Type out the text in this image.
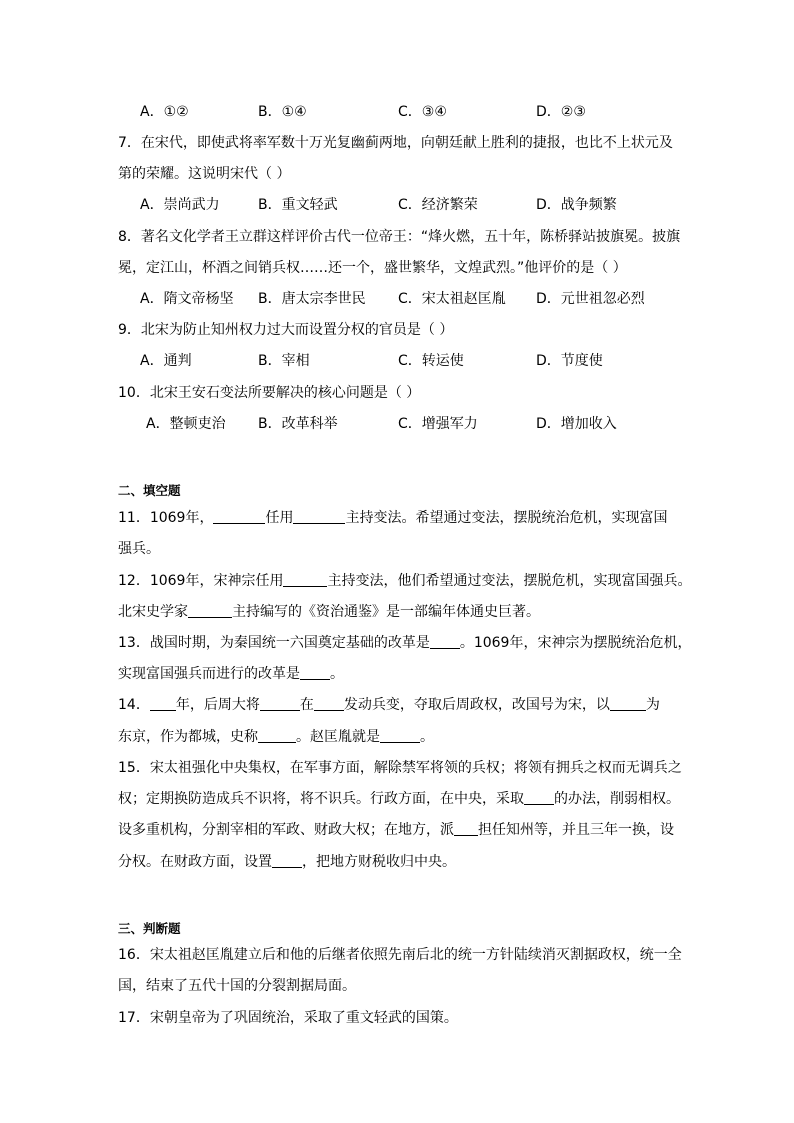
A．①②	B．①④	C．③④	D．②③
7．在宋代，即使武将率军数十万光复幽蓟两地，向朝廷献上胜利的捷报，也比不上状元及
第的荣耀。这说明宋代（ ）
A．崇尚武力	B．重文轻武	C．经济繁荣	D．战争频繁
8．著名文化学者王立群这样评价古代一位帝王：“烽火燃，五十年，陈桥驿站披旗冕。披旗
冕，定江山，杯酒之间销兵权……还一个，盛世繁华，文煌武烈。”他评价的是（ ）
A．隋文帝杨坚 B．唐太宗李世民 C．宋太祖赵匡胤 D．元世祖忽必烈
9．北宋为防止知州权力过大而设置分权的官员是（ ）
A．通判	B．宰相	C．转运使	D．节度使
10．北宋王安石变法所要解决的核心问题是（ ）
A．整顿吏治 B．改革科举	C．增强军力	D．增加收入
二、填空题
11．1069年，	任用	主持变法。希望通过变法，摆脱统治危机，实现富国
强兵。
12．1069年，宋神宗任用	主持变法，他们希望通过变法，摆脱危机，实现富国强兵。
北宋史学家	主持编写的《资治通鉴》是一部编年体通史巨著。
13．战国时期，为秦国统一六国奠定基础的改革是 。1069年，宋神宗为摆脱统治危机，
实现富国强兵而进行的改革是 。
14． 年，后周大将	在 发动兵变，夺取后周政权，改国号为宋，以	为
东京，作为都城，史称	。赵匡胤就是	。
15．宋太祖强化中央集权，在军事方面，解除禁军将领的兵权；将领有拥兵之权而无调兵之
权；定期换防造成兵不识将，将不识兵。行政方面，在中央，采取 的办法，削弱相权。
设多重机构，分割宰相的军政、财政大权；在地方，派 担任知州等，并且三年一换，设
分权。在财政方面，设置 ，把地方财税收归中央。
三、判断题
16．宋太祖赵匡胤建立后和他的后继者依照先南后北的统一方针陆续消灭割据政权，统一全
国，结束了五代十国的分裂割据局面。
17．宋朝皇帝为了巩固统治，采取了重文轻武的国策。
